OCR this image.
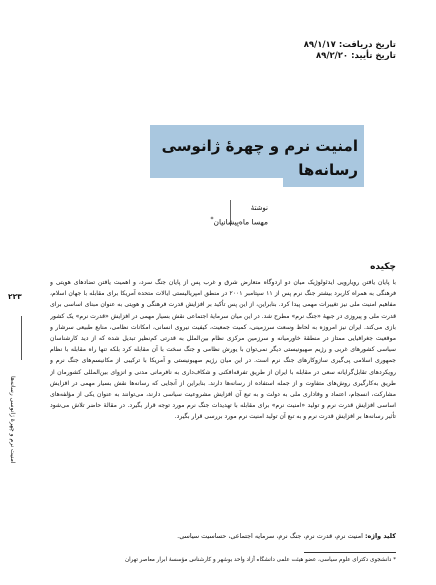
تاریخ دریافت: ۸۹/۱/۱۷
تاریخ تأیید: ۸۹/۲/۲۰
امنیت نرم و چهرهٔ ژانوسی رسانه‌ها
نوشتهٔ
مهسا ماه‌پیشانیان*
چکیده

با پایان یافتن رویارویی ایدئولوژیک میان دو اردوگاه متعارض شرق و غرب پس از پایان جنگ سرد، و اهمیت یافتن تضادهای هویتی و فرهنگی به همراه کاربرد بیشتر جنگ نرم پس از ۱۱ سپتامبر ۲۰۰۱ در منطق امپریالیستی ایالات متحده آمریکا برای مقابله با جهان اسلام، مفاهیم امنیت ملی نیز تغییرات مهمی پیدا کرد. بنابراین، از این پس تأکید بر افزایش قدرت فرهنگی و هویتی به عنوان مبنای اساسی برای قدرت ملی و پیروزی در جبههٔ «جنگ نرم» مطرح شد. در این میان سرمایهٔ اجتماعی نقش بسیار مهمی در افزایش «قدرت نرم» یک کشور بازی می‌کند. ایران نیز امروزه به لحاظ وسعت سرزمینی، کمیت جمعیت، کیفیت نیروی انسانی، امکانات نظامی، منابع طبیعی سرشار و موقعیت جغرافیایی ممتاز در منطقهٔ خاورمیانه و سرزمین مرکزی نظام بین‌الملل به قدرتی کم‌نظیر تبدیل شده که از دید کارشناسان سیاسی کشورهای غربی و رژیم صهیونیستی دیگر نمی‌توان با یورش نظامی و جنگ سخت با آن مقابله کرد بلکه تنها راه مقابله با نظام جمهوری اسلامی پی‌گیری سازوکارهای جنگ نرم است. در این میان رژیم صهیونیستی و آمریکا با ترکیبی از مکانیسم‌های جنگ نرم و رویکردهای تقابل‌گرایانه سعی در مقابله با ایران از طریق تفرقه‌افکنی و شکاف‌داری به نافرمانی مدنی و انزوای بین‌المللی کشورمان از طریق به‌کارگیری روش‌های متفاوت و از جمله استفاده از رسانه‌ها دارند. بنابراین از آنجایی که رسانه‌ها نقش بسیار مهمی در افزایش مشارکت، انسجام، اعتماد و وفاداری ملی به دولت و به تبع آن افزایش مشروعیت سیاسی دارند، می‌توانند به عنوان یکی از مؤلفه‌های اساسی افزایش قدرت نرم و تولید «امنیت نرم» برای مقابله با تهدیدات جنگ نرم مورد توجه قرار بگیرد. در مقالهٔ حاضر تلاش می‌شود تأثیر رسانه‌ها بر افزایش قدرت نرم و به تبع آن تولید امنیت نرم مورد بررسی قرار بگیرد.

کلید واژه: امنیت نرم، قدرت نرم، جنگ نرم، سرمایه اجتماعی، حساسیت سیاسی.

* دانشجوی دکترای علوم سیاسی، عضو هیئت علمی دانشگاه آزاد واحد بوشهر و کارشناس مؤسسهٔ ابرار معاصر تهران

۲۲۳
امنیت نرم و چهرهٔ ژانوسی رسانه‌ها
